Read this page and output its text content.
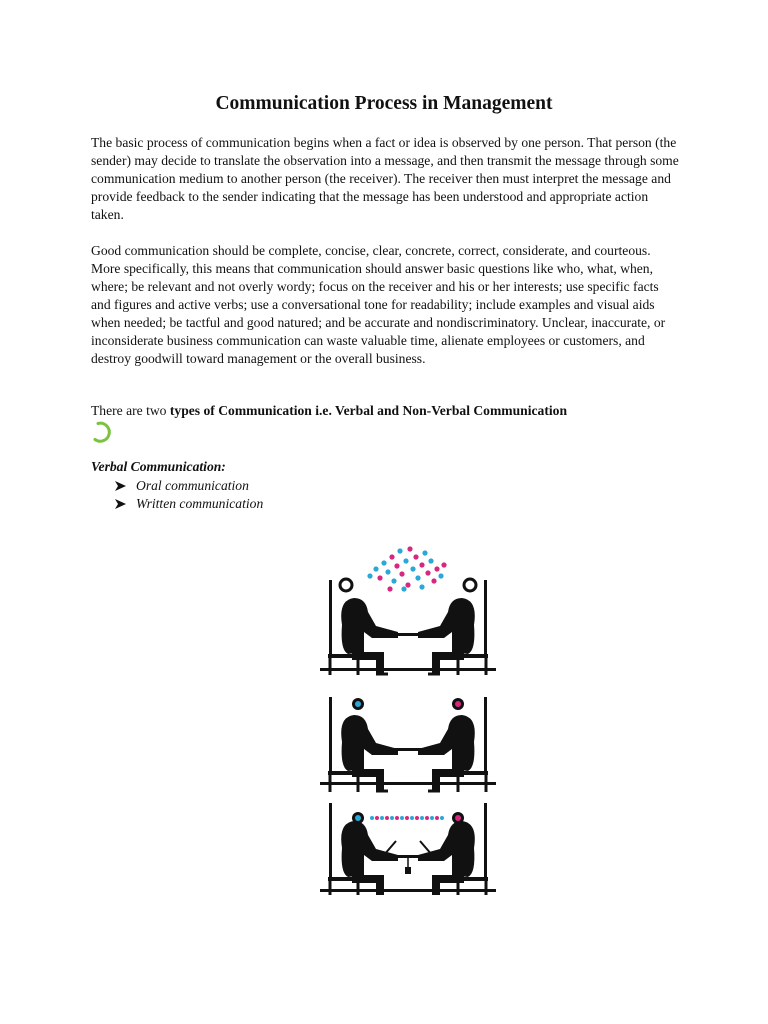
Communication Process in Management

The basic process of communication begins when a fact or idea is observed by one person. That person (the sender) may decide to translate the observation into a message, and then transmit the message through some communication medium to another person (the receiver). The receiver then must interpret the message and provide feedback to the sender indicating that the message has been understood and appropriate action taken.

Good communication should be complete, concise, clear, concrete, correct, considerate, and courteous. More specifically, this means that communication should answer basic questions like who, what, when, where; be relevant and not overly wordy; focus on the receiver and his or her interests; use specific facts and figures and active verbs; use a conversational tone for readability; include examples and visual aids when needed; be tactful and good natured; and be accurate and nondiscriminatory. Unclear, inaccurate, or inconsiderate business communication can waste valuable time, alienate employees or customers, and destroy goodwill toward management or the overall business.

There are two types of Communication i.e. Verbal and Non-Verbal Communication

Verbal Communication:

Oral communication
Written communication
